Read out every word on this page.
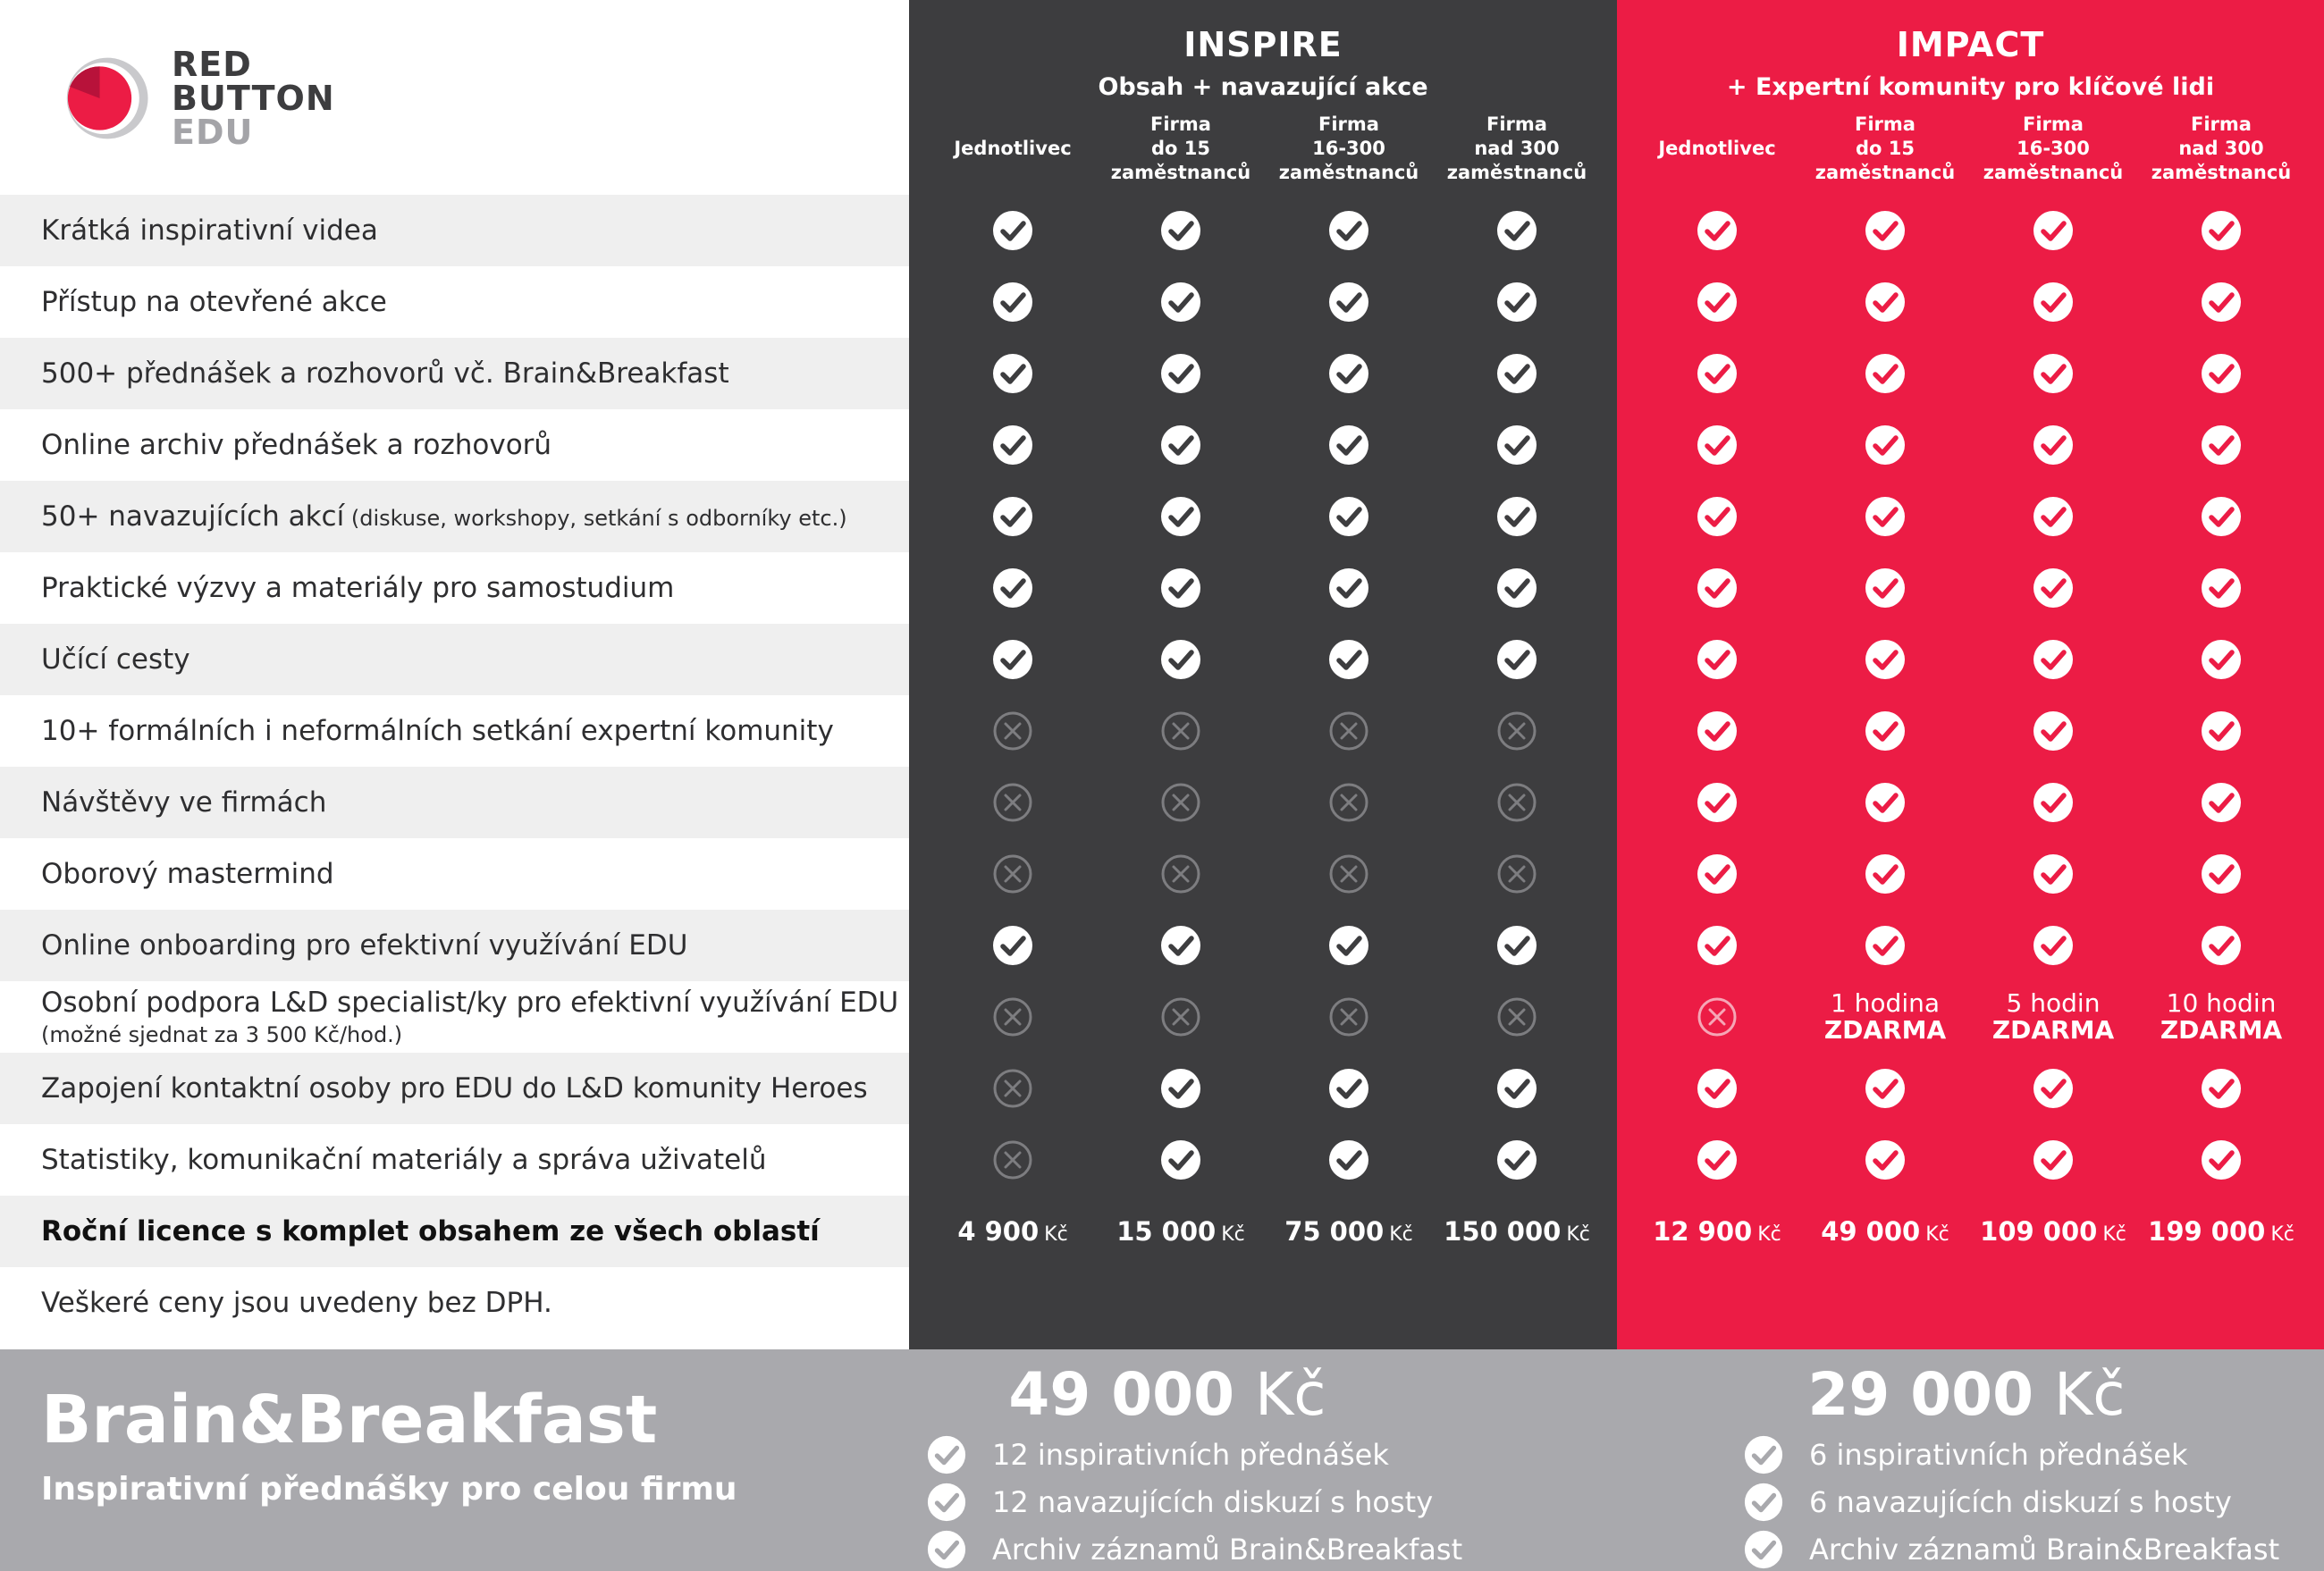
RED
BUTTON
EDU
INSPIRE
Obsah + navazující akce
IMPACT
+ Expertní komunity pro klíčové lidi
Jednotlivec
Firma
do 15
zaměstnanců
Firma
16-300
zaměstnanců
Firma
nad 300
zaměstnanců
Jednotlivec
Firma
do 15
zaměstnanců
Firma
16-300
zaměstnanců
Firma
nad 300
zaměstnanců
Krátká inspirativní videa
Přístup na otevřené akce
500+ přednášek a rozhovorů vč. Brain&Breakfast
Online archiv přednášek a rozhovorů
50+ navazujících akcí (diskuse, workshopy, setkání s odborníky etc.)
Praktické výzvy a materiály pro samostudium
Učící cesty
10+ formálních i neformálních setkání expertní komunity
Návštěvy ve firmách
Oborový mastermind
Online onboarding pro efektivní využívání EDU
Osobní podpora L&D specialist/ky pro efektivní využívání EDU
(možné sjednat za 3 500 Kč/hod.)
1 hodina
ZDARMA
5 hodin
ZDARMA
10 hodin
ZDARMA
Zapojení kontaktní osoby pro EDU do L&D komunity Heroes
Statistiky, komunikační materiály a správa uživatelů
Roční licence s komplet obsahem ze všech oblastí	4 900 Kč 15 000 Kč 75 000 Kč 150 000 Kč 12 900 Kč 49 000 Kč 109 000 Kč 199 000 Kč
Veškeré ceny jsou uvedeny bez DPH.
Brain&Breakfast
Inspirativní přednášky pro celou firmu
49 000 Kč
12 inspirativních přednášek
12 navazujících diskuzí s hosty
Archiv záznamů Brain&Breakfast
29 000 Kč
6 inspirativních přednášek
6 navazujících diskuzí s hosty
Archiv záznamů Brain&Breakfast
